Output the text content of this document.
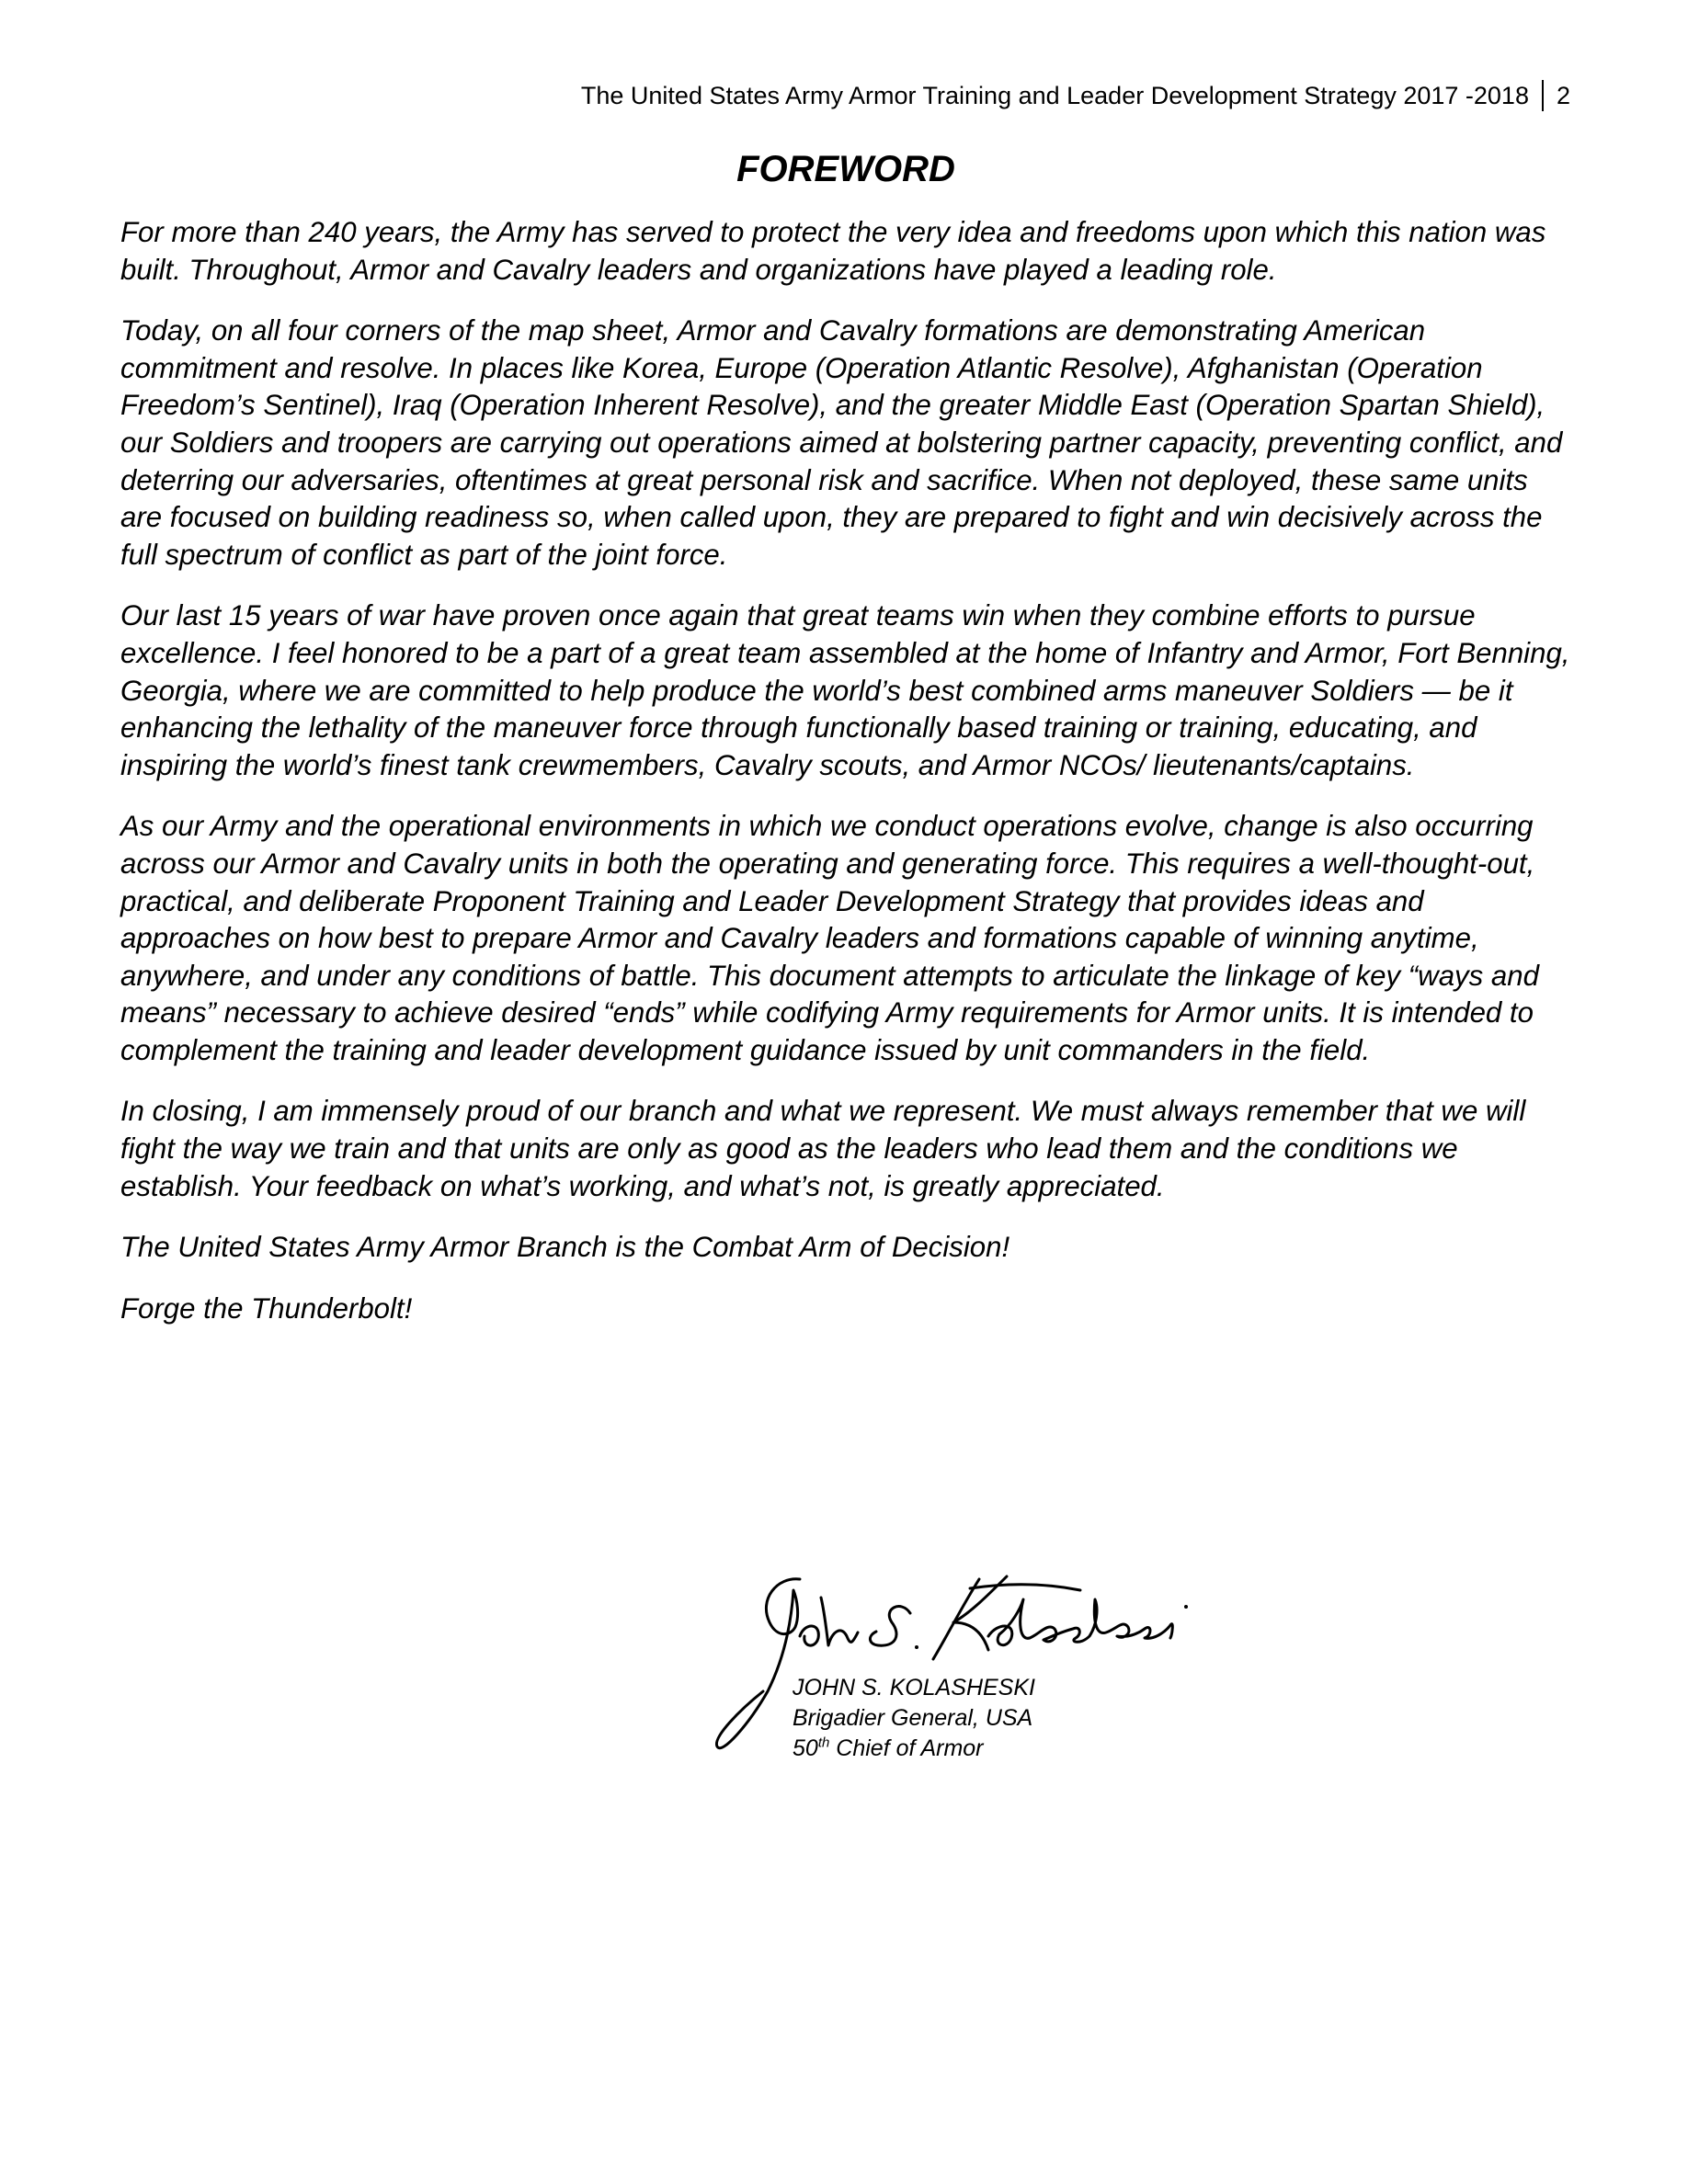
The United States Army Armor Training and Leader Development Strategy 2017 -2018 2
FOREWORD

For more than 240 years, the Army has served to protect the very idea and freedoms upon which this nation was built. Throughout, Armor and Cavalry leaders and organizations have played a leading role.

Today, on all four corners of the map sheet, Armor and Cavalry formations are demonstrating American commitment and resolve. In places like Korea, Europe (Operation Atlantic Resolve), Afghanistan (Operation Freedom’s Sentinel), Iraq (Operation Inherent Resolve), and the greater Middle East (Operation Spartan Shield), our Soldiers and troopers are carrying out operations aimed at bolstering partner capacity, preventing conflict, and deterring our adversaries, oftentimes at great personal risk and sacrifice. When not deployed, these same units are focused on building readiness so, when called upon, they are prepared to fight and win decisively across the full spectrum of conflict as part of the joint force.

Our last 15 years of war have proven once again that great teams win when they combine efforts to pursue excellence. I feel honored to be a part of a great team assembled at the home of Infantry and Armor, Fort Benning, Georgia, where we are committed to help produce the world’s best combined arms maneuver Soldiers — be it enhancing the lethality of the maneuver force through functionally based training or training, educating, and inspiring the world’s finest tank crewmembers, Cavalry scouts, and Armor NCOs/ lieutenants/captains.

As our Army and the operational environments in which we conduct operations evolve, change is also occurring across our Armor and Cavalry units in both the operating and generating force. This requires a well-thought-out, practical, and deliberate Proponent Training and Leader Development Strategy that provides ideas and approaches on how best to prepare Armor and Cavalry leaders and formations capable of winning anytime, anywhere, and under any conditions of battle. This document attempts to articulate the linkage of key “ways and means” necessary to achieve desired “ends” while codifying Army requirements for Armor units. It is intended to complement the training and leader development guidance issued by unit commanders in the field.

In closing, I am immensely proud of our branch and what we represent. We must always remember that we will fight the way we train and that units are only as good as the leaders who lead them and the conditions we establish. Your feedback on what’s working, and what’s not, is greatly appreciated.

The United States Army Armor Branch is the Combat Arm of Decision!

Forge the Thunderbolt!

JOHN S. KOLASHESKI
Brigadier General, USA
50th Chief of Armor
